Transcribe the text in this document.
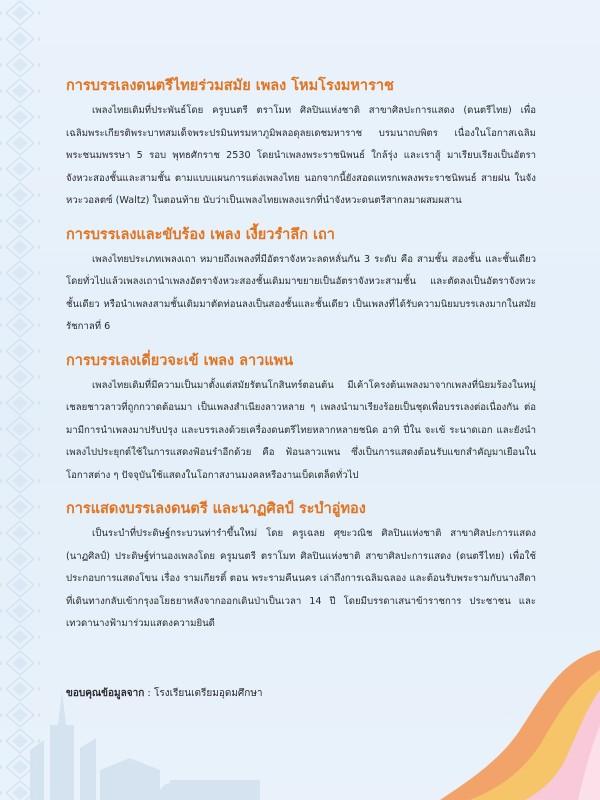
การบรรเลงดนตรีไทยร่วมสมัย เพลง โหมโรงมหาราช

เพลงไทยเดิมที่ประพันธ์โดย ครูบนตรี ตราโมท ศิลปินแห่งชาติ สาขาศิลปะการแสดง (ดนตรีไทย) เพื่อเฉลิมพระเกียรติพระบาทสมเด็จพระปรมินทรมหาภูมิพลอดุลยเดชมหาราช บรมนาถบพิตร เนื่องในโอกาสเฉลิมพระชนมพรรษา 5 รอบ พุทธศักราช 2530 โดยนำเพลงพระราชนิพนธ์ ใกล้รุ่ง และเราสู้ มาเรียบเรียงเป็นอัตราจังหวะสองชั้นและสามชั้น ตามแบบแผนการแต่งเพลงไทย นอกจากนี้ยังสอดแทรกเพลงพระราชนิพนธ์ สายฝน ในจังหวะวอลตซ์ (Waltz) ในตอนท้าย นับว่าเป็นเพลงไทยเพลงแรกที่นำจังหวะดนตรีสากลมาผสมผสาน

การบรรเลงและขับร้อง เพลง เงี้ยวรำลึก เถา

เพลงไทยประเภทเพลงเถา หมายถึงเพลงที่มีอัตราจังหวะลดหลั่นกัน 3 ระดับ คือ สามชั้น สองชั้น และชั้นเดียว โดยทั่วไปแล้วเพลงเถานำเพลงอัตราจังหวะสองชั้นเดิมมาขยายเป็นอัตราจังหวะสามชั้น และตัดลงเป็นอัตราจังหวะชั้นเดียว หรือนำเพลงสามชั้นเดิมมาตัดท่อนลงเป็นสองชั้นและชั้นเดียว เป็นเพลงที่ได้รับความนิยมบรรเลงมากในสมัยรัชกาลที่ 6

การบรรเลงเดี่ยวจะเข้ เพลง ลาวแพน

เพลงไทยเดิมที่มีความเป็นมาตั้งแต่สมัยรัตนโกสินทร์ตอนต้น มีเค้าโครงต้นเพลงมาจากเพลงที่นิยมร้องในหมู่เชลยชาวลาวที่ถูกกวาดต้อนมา เป็นเพลงสำเนียงลาวหลาย ๆ เพลงนำมาเรียงร้อยเป็นชุดเพื่อบรรเลงต่อเนื่องกัน ต่อมามีการนำเพลงมาปรับปรุง และบรรเลงด้วยเครื่องดนตรีไทยหลากหลายชนิด อาทิ ปี่ใน จะเข้ ระนาดเอก และยังนำเพลงไปประยุกต์ใช้ในการแสดงฟ้อนรำอีกด้วย คือ ฟ้อนลาวแพน ซึ่งเป็นการแสดงต้อนรับแขกสำคัญมาเยือนในโอกาสต่าง ๆ ปัจจุบันใช้แสดงในโอกาสงานมงคลหรืองานเบ็ดเตล็ดทั่วไป

การแสดงบรรเลงดนตรี และนาฏศิลป์ ระบำอู่ทอง

เป็นระบำที่ประดิษฐ์กระบวนท่ารำขึ้นใหม่ โดย ครูเฉลย ศุขะวณิช ศิลปินแห่งชาติ สาขาศิลปะการแสดง (นาฏศิลป์) ประดิษฐ์ท่านองเพลงโดย ครูมนตรี ตราโมท ศิลปินแห่งชาติ สาขาศิลปะการแสดง (ดนตรีไทย) เพื่อใช้ประกอบการแสดงโขน เรื่อง รามเกียรติ์ ตอน พระรามคืนนคร เล่าถึงการเฉลิมฉลอง และต้อนรับพระรามกับนางสีดาที่เดินทางกลับเข้ากรุงอโยธยาหลังจากออกเดินป่าเป็นเวลา 14 ปี โดยมีบรรดาเสนาข้าราชการ ประชาชน และเทวดานางฟ้ามาร่วมแสดงความยินดี

ขอบคุณข้อมูลจาก : โรงเรียนเตรียมอุดมศึกษา
